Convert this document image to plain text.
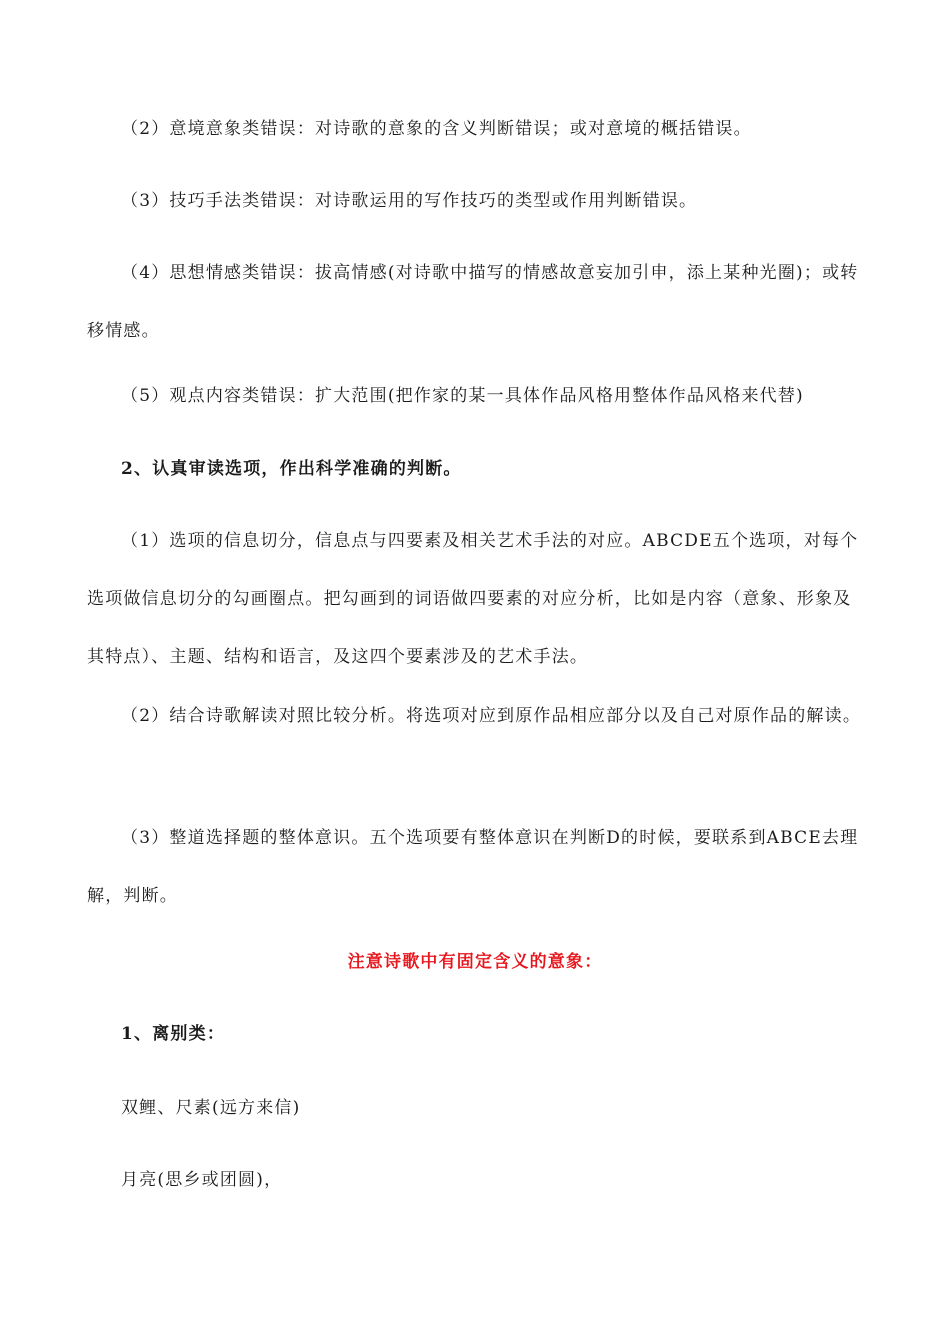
（2）意境意象类错误：对诗歌的意象的含义判断错误；或对意境的概括错误。

（3）技巧手法类错误：对诗歌运用的写作技巧的类型或作用判断错误。

（4）思想情感类错误：拔高情感(对诗歌中描写的情感故意妄加引申，添上某种光圈)；或转移情感。

（5）观点内容类错误：扩大范围(把作家的某一具体作品风格用整体作品风格来代替)

2、认真审读选项，作出科学准确的判断。

（1）选项的信息切分，信息点与四要素及相关艺术手法的对应。ABCDE五个选项，对每个选项做信息切分的勾画圈点。把勾画到的词语做四要素的对应分析，比如是内容（意象、形象及其特点）、主题、结构和语言，及这四个要素涉及的艺术手法。

（2）结合诗歌解读对照比较分析。将选项对应到原作品相应部分以及自己对原作品的解读。

（3）整道选择题的整体意识。五个选项要有整体意识在判断D的时候，要联系到ABCE去理解，判断。

注意诗歌中有固定含义的意象：

1、离别类：

双鲤、尺素(远方来信)

月亮(思乡或团圆)，
